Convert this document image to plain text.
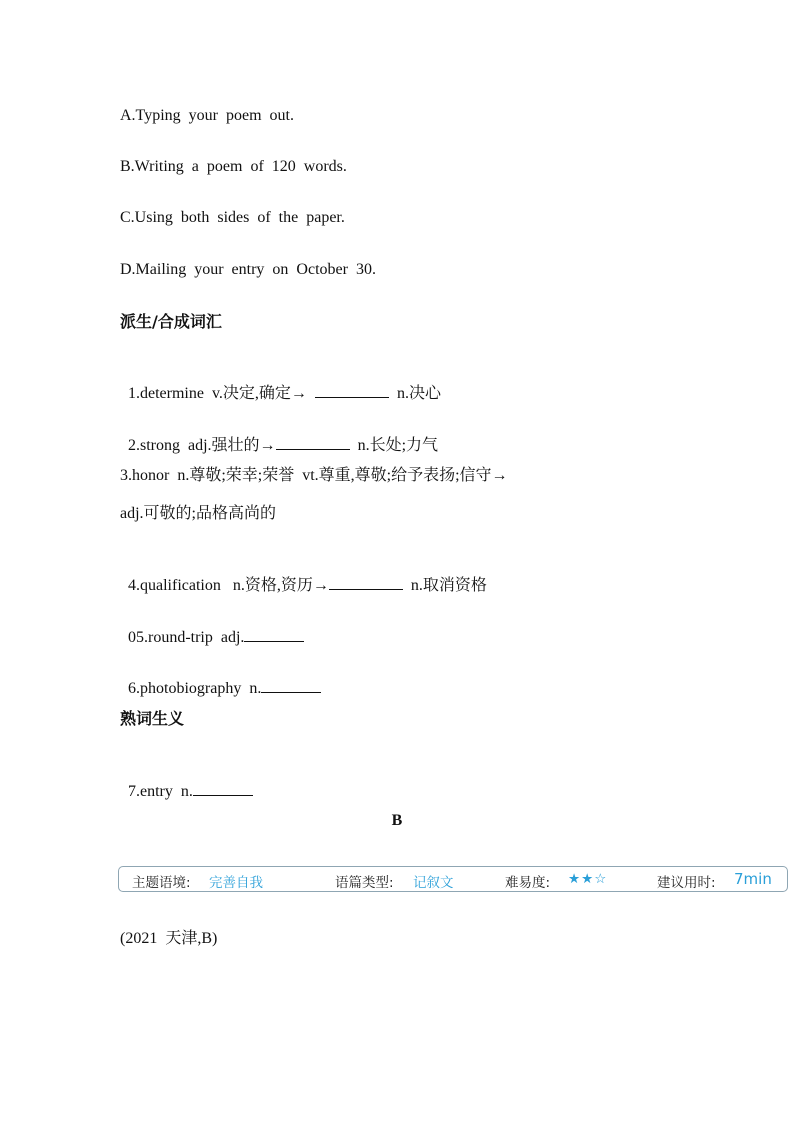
A.Typing  your  poem  out.
B.Writing  a  poem  of  120  words.
C.Using  both  sides  of  the  paper.
D.Mailing  your  entry  on  October  30.
派生/合成词汇

1.determine  v.决定,确定→	n.决心

2.strong  adj.强壮的→	n.长处;力气

3.honor  n.尊敬;荣幸;荣誉  vt.尊重,尊敬;给予表扬;信守→
adj.可敬的;品格高尚的

4.qualification   n.资格,资历→	n.取消资格

05.round-trip  adj.

6.photobiography  n.

熟词生义

7.entry  n.

B
主题语境: 完善自我	语篇类型: 记叙文	难易度: ★★☆	建议用时: 7min
(2021  天津,B)
